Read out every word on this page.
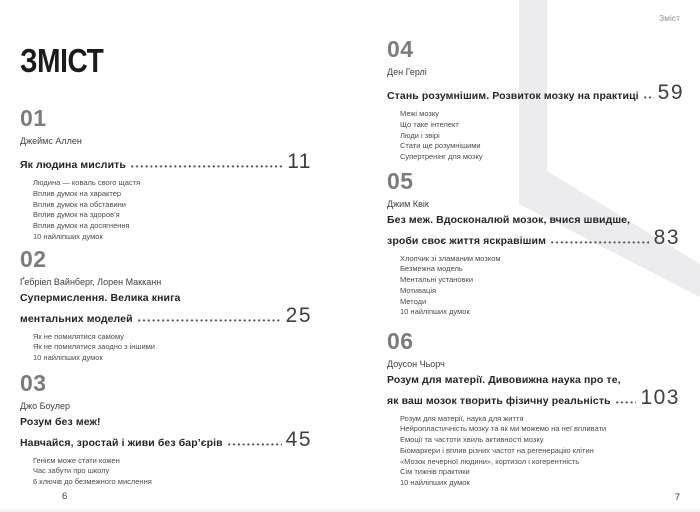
ЗМІСТ
01
Джеймс Аллен
Як людина мислить	11
Людина — коваль свого щастя
Вплив думок на характер
Вплив думок на обставини
Вплив думок на здоров’я
Вплив думок на досягнення
10 найліпших думок
02
Ґебріел Вайнберг, Лорен Макканн
Супермислення. Велика книга
ментальних моделей	25
Як не помилятися самому
Як не помилятися заодно з іншими
10 найліпших думок
03
Джо Боулер
Розум без меж!
Навчайся, зростай і живи без бар’єрів	45
Генієм може стати кожен
Час забути про школу
6 ключів до безмежного мислення
Зміст
04
Ден Герлі
Стань розумнішим. Розвиток мозку на практиці 59
Межі мозку
Що таке інтелект
Люди і звірі
Стати ще розумнішими
Супертренінг для мозку
05
Джим Квік
Без меж. Вдосконалюй мозок, вчися швидше,
зроби своє життя яскравішим	83
Хлопчик зі зламаним мозком
Безмежна модель
Ментальні установки
Мотивація
Методи
10 найліпших думок
06
Доусон Чьорч
Розум для матерії. Дивовижна наука про те,
як ваш мозок творить фізичну реальність 103
Розум для матерії, наука для життя
Нейропластичність мозку та як ми можемо на неї впливати
Емоції та частоти хвиль активності мозку
Біомаркери і вплив різних частот на регенерацію клітин
«Мозок печерної людини», кортизол і когерентність
Сім тижнів практики
10 найліпших думок
6	7
